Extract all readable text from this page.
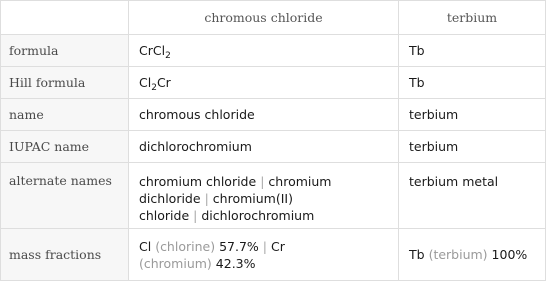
	chromous chloride	terbium
formula	CrCl$_2$	Tb
Hill formula	$Cl_2Cr$	Tb
name	chromous chloride	terbium
IUPAC name	dichlorochromium	terbium

alternate names	chromium chloride | chromium
dichloride | chromium(II)
chloride | dichlorochromium	terbium metal

mass fractions	Cl (chlorine) 57.7% | Cr
(chromium) 42.3%	Tb (terbium) 100%
